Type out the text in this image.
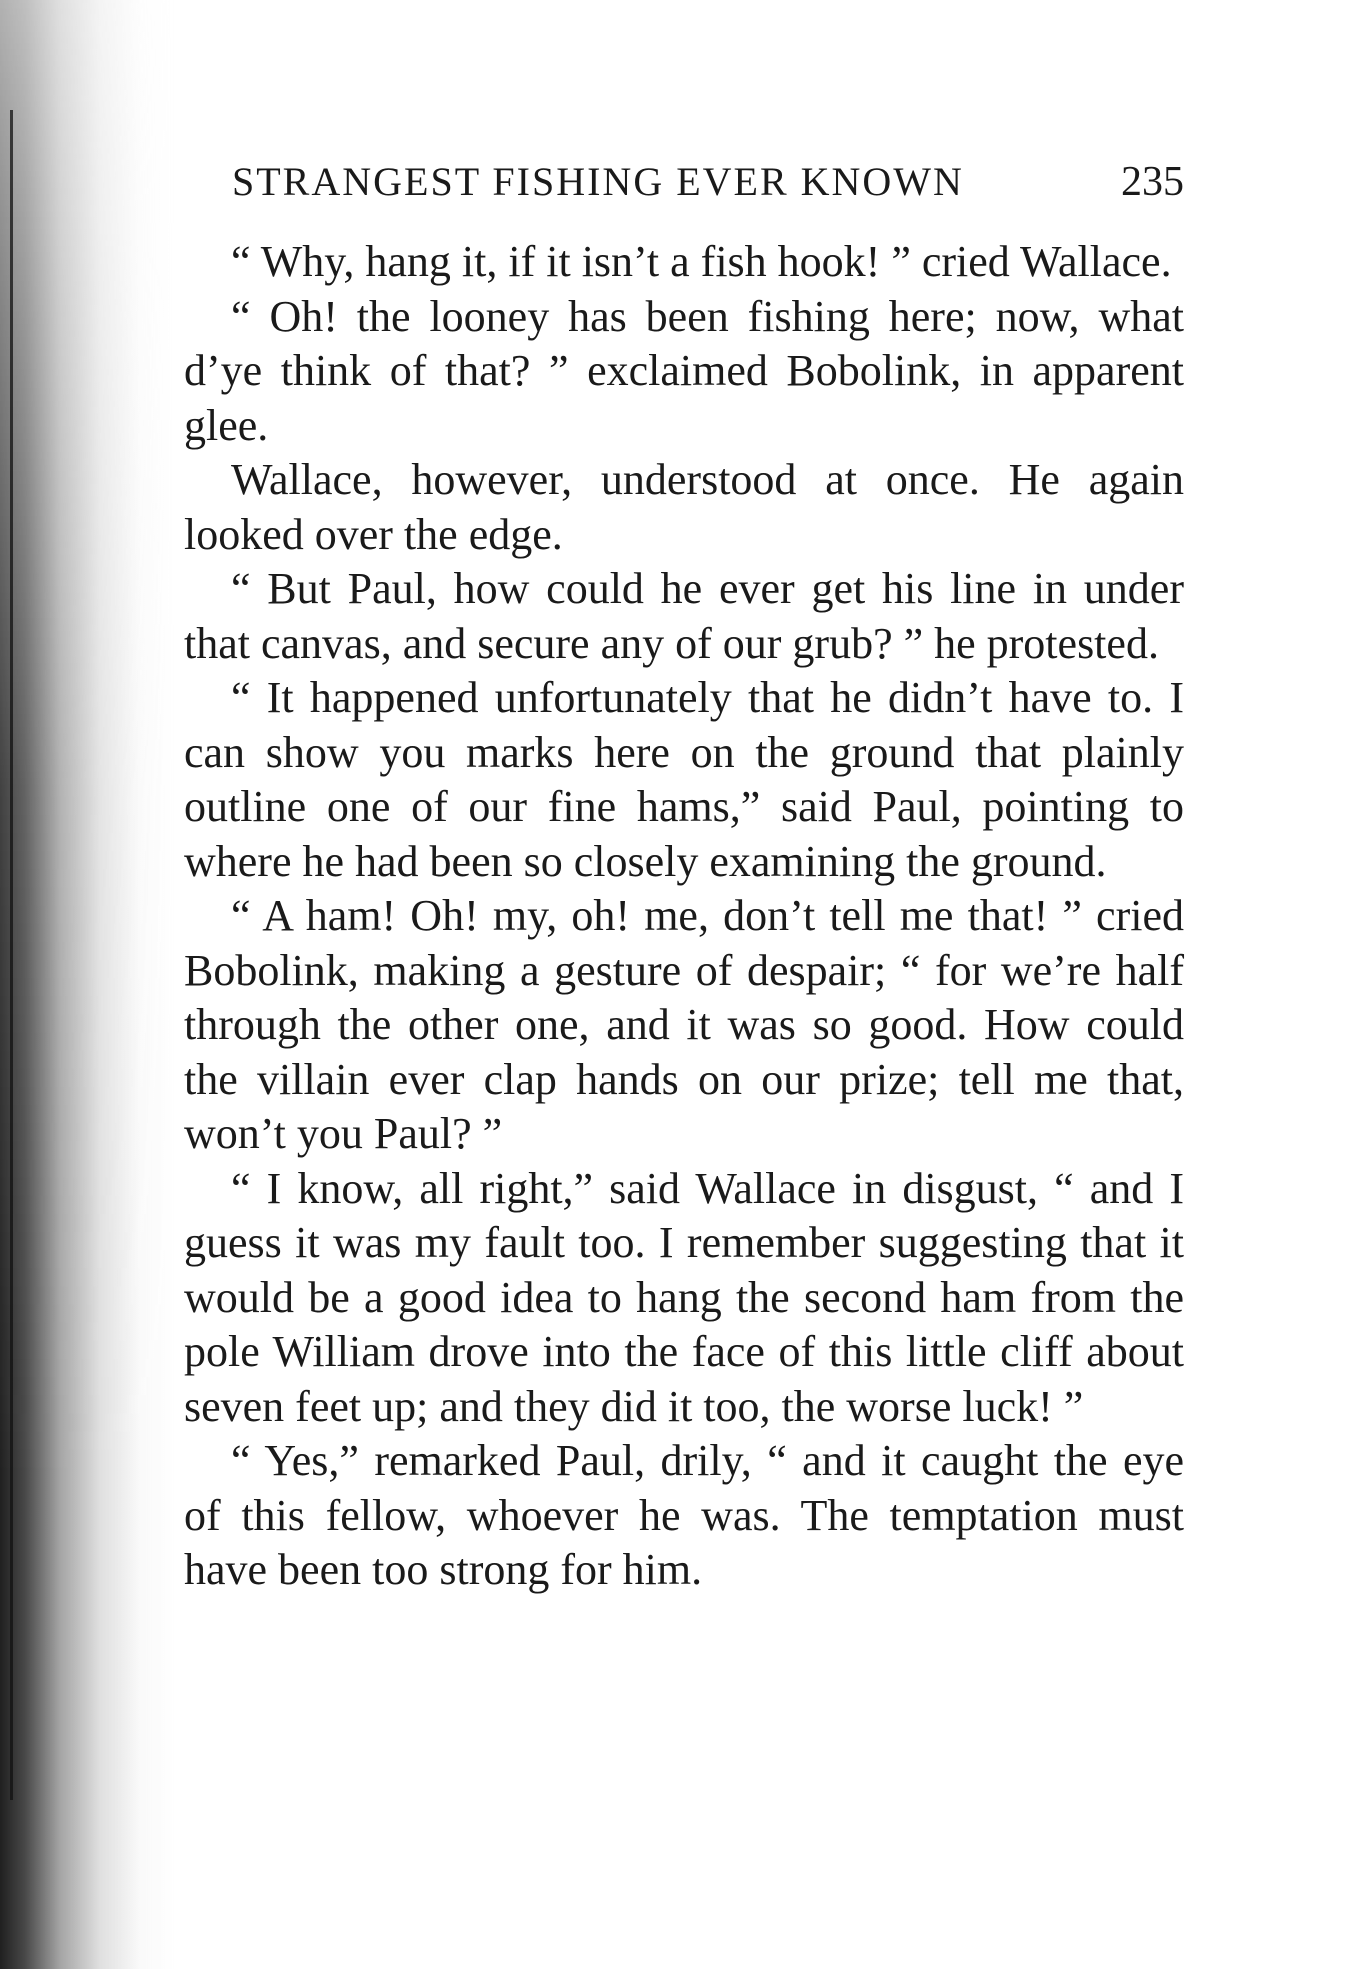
STRANGEST FISHING EVER KNOWN	235

“ Why, hang it, if it isn’t a fish hook! ” cried Wallace.

“ Oh! the looney has been fishing here; now, what d’ye think of that? ” exclaimed Bobolink, in apparent glee.

Wallace, however, understood at once. He again looked over the edge.

“ But Paul, how could he ever get his line in under that canvas, and secure any of our grub? ” he protested.

“ It happened unfortunately that he didn’t have to. I can show you marks here on the ground that plainly outline one of our fine hams,” said Paul, pointing to where he had been so closely examining the ground.

“ A ham! Oh! my, oh! me, don’t tell me that! ” cried Bobolink, making a gesture of despair; “ for we’re half through the other one, and it was so good. How could the villain ever clap hands on our prize; tell me that, won’t you Paul? ”

“ I know, all right,” said Wallace in disgust, “ and I guess it was my fault too. I remember suggesting that it would be a good idea to hang the second ham from the pole William drove into the face of this little cliff about seven feet up; and they did it too, the worse luck! ”

“ Yes,” remarked Paul, drily, “ and it caught the eye of this fellow, whoever he was. The temptation must have been too strong for him.
